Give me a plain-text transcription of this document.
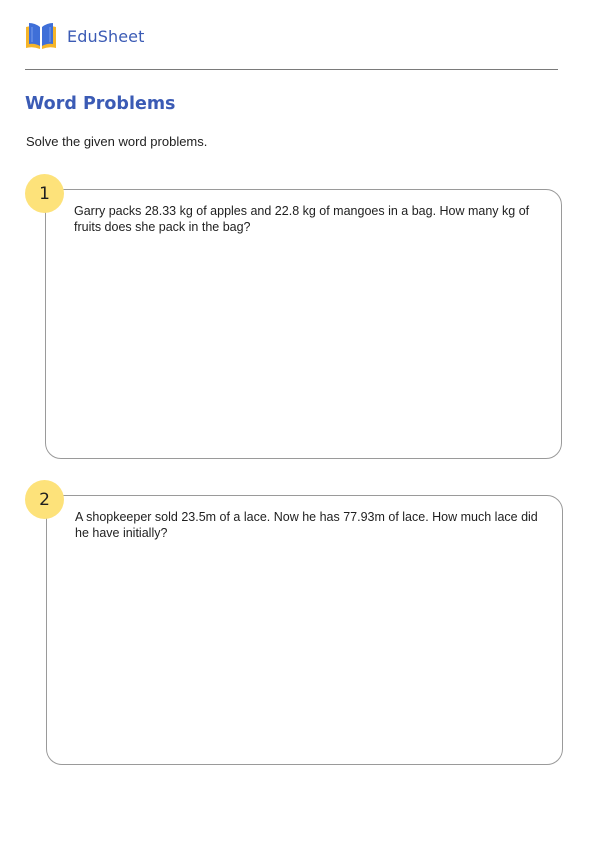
EduSheet
Word Problems

Solve the given word problems.

Garry packs 28.33 kg of apples and 22.8 kg of mangoes in a bag. How many kg of fruits does she pack in the bag?

1

A shopkeeper sold 23.5m of a lace. Now he has 77.93m of lace. How much lace did he have initially?

2
